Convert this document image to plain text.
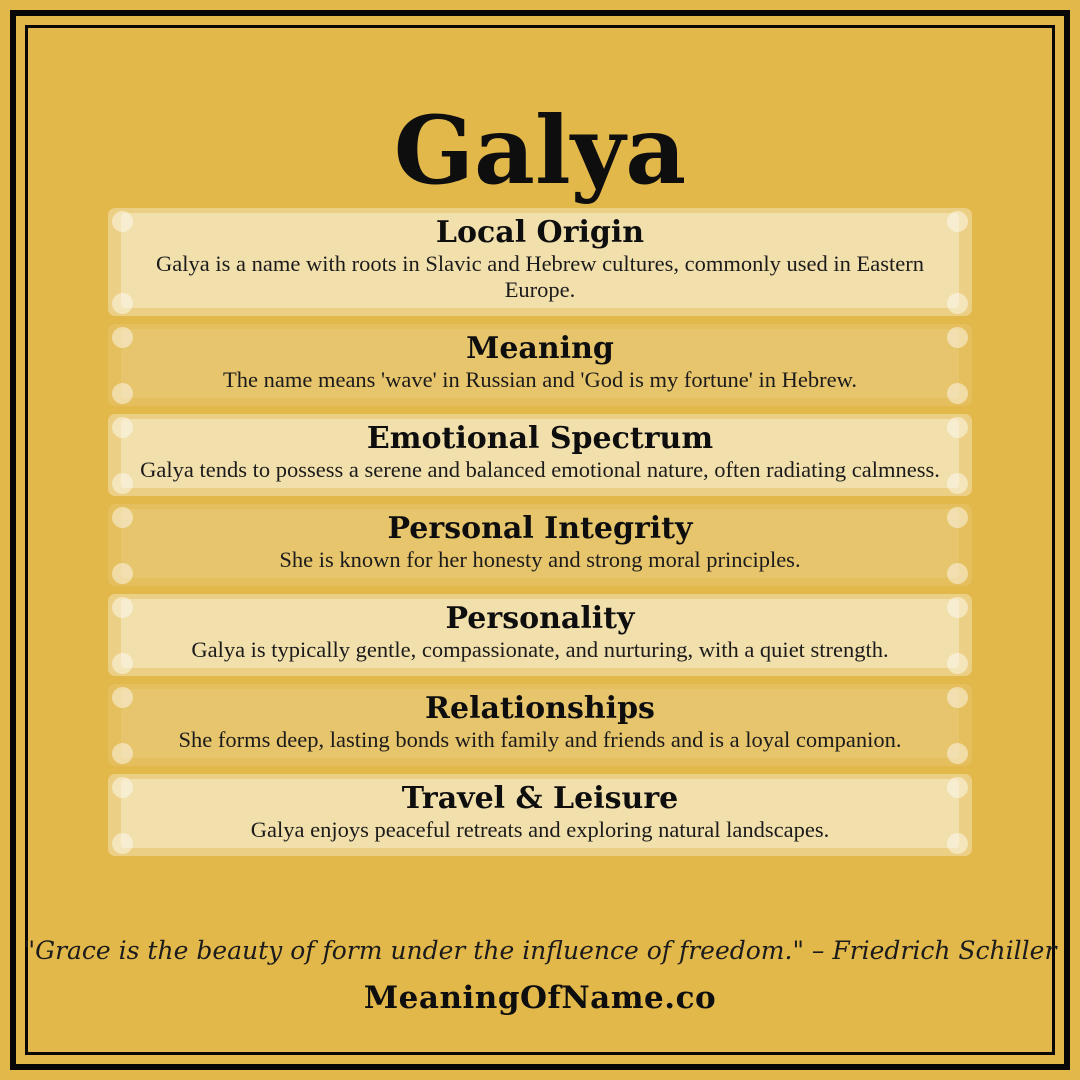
Galya
Local Origin

Galya is a name with roots in Slavic and Hebrew cultures, commonly used in Eastern Europe.

Meaning

The name means 'wave' in Russian and 'God is my fortune' in Hebrew.

Emotional Spectrum

Galya tends to possess a serene and balanced emotional nature, often radiating calmness.

Personal Integrity

She is known for her honesty and strong moral principles.

Personality

Galya is typically gentle, compassionate, and nurturing, with a quiet strength.

Relationships

She forms deep, lasting bonds with family and friends and is a loyal companion.

Travel & Leisure

Galya enjoys peaceful retreats and exploring natural landscapes.

"Grace is the beauty of form under the influence of freedom." – Friedrich Schiller
MeaningOfName.co
